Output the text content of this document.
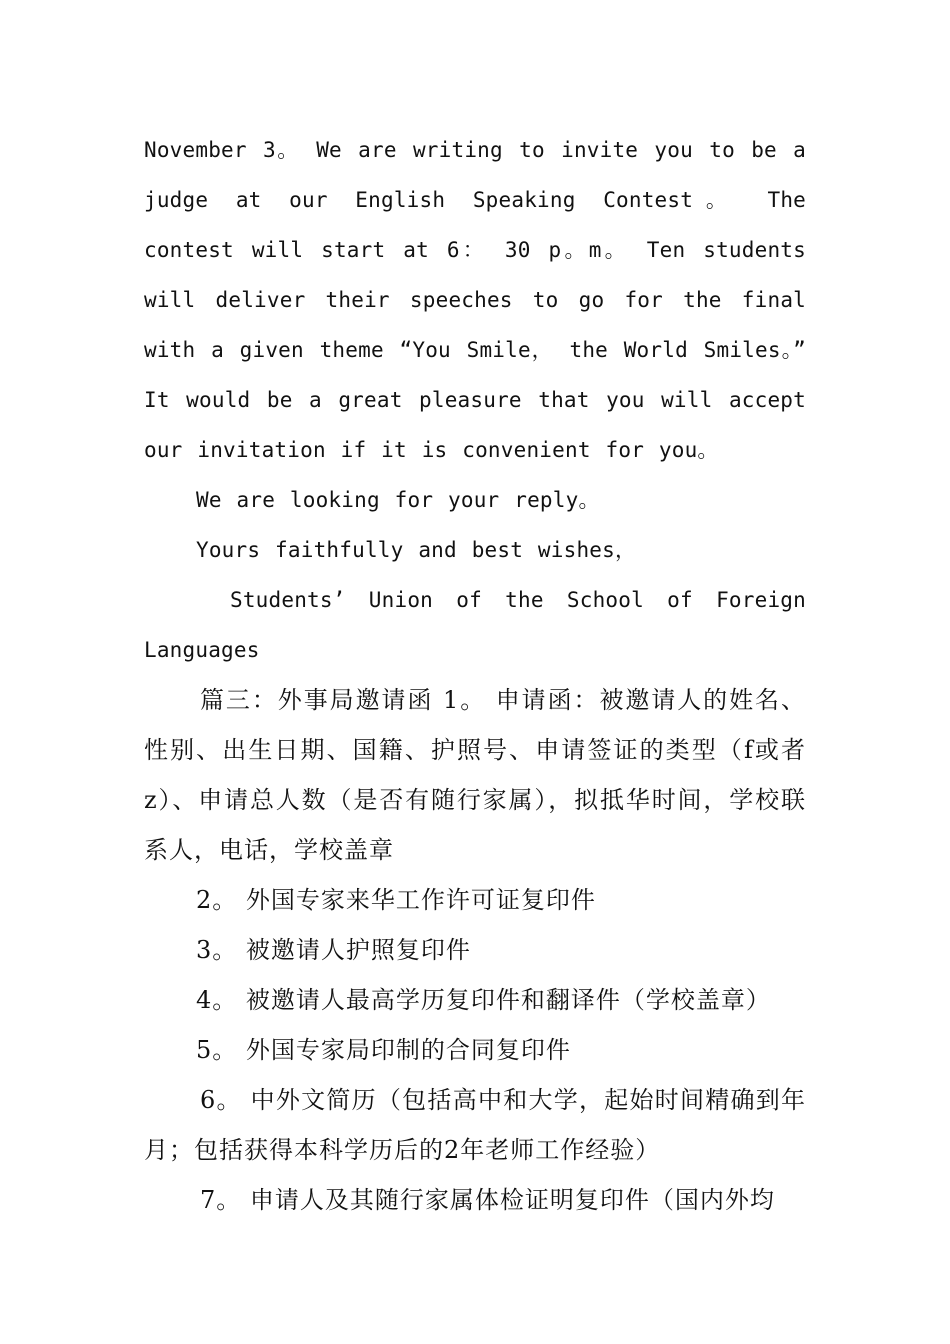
November 3。 We are writing to invite you to be a judge at our English Speaking Contest。 The contest will start at 6： 30 p。m。 Ten students will deliver their speeches to go for the final with a given theme “You Smile， the World Smiles。” It would be a great pleasure that you will accept our invitation if it is convenient for you。

We are looking for your reply。

Yours faithfully and best wishes，

Students’ Union of the School of Foreign Languages

篇三：外事局邀请函 1。 申请函：被邀请人的姓名、性别、出生日期、国籍、护照号、申请签证的类型（f或者z）、申请总人数（是否有随行家属），拟抵华时间，学校联系人，电话，学校盖章

2。 外国专家来华工作许可证复印件

3。 被邀请人护照复印件

4。 被邀请人最高学历复印件和翻译件（学校盖章）

5。 外国专家局印制的合同复印件

6。 中外文简历（包括高中和大学，起始时间精确到年月；包括获得本科学历后的2年老师工作经验）

7。 申请人及其随行家属体检证明复印件（国内外均
